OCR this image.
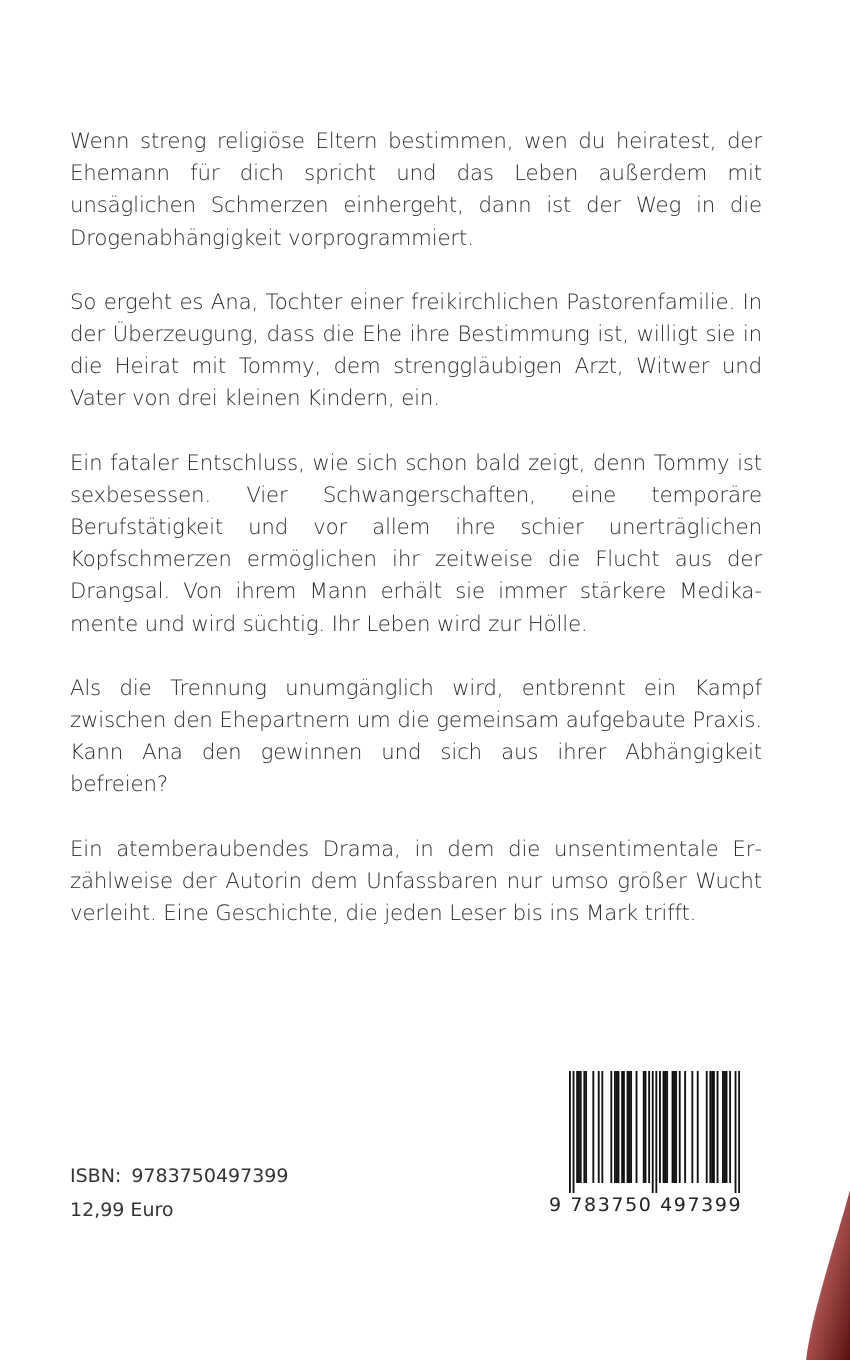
Wenn streng religiöse Eltern bestimmen, wen du heiratest, der Ehemann für dich spricht und das Leben außerdem mit unsäglichen Schmerzen einhergeht, dann ist der Weg in die Drogenabhängigkeit vorprogrammiert.

So ergeht es Ana, Tochter einer freikirchlichen Pastorenfamilie. In der Überzeugung, dass die Ehe ihre Bestimmung ist, willigt sie in die Heirat mit Tommy, dem strenggläubigen Arzt, Witwer und Vater von drei kleinen Kindern, ein.

Ein fataler Entschluss, wie sich schon bald zeigt, denn Tommy ist sexbesessen. Vier Schwangerschaften, eine temporäre Berufstätigkeit und vor allem ihre schier unerträglichen Kopfschmerzen ermöglichen ihr zeitweise die Flucht aus der Drangsal. Von ihrem Mann erhält sie immer stärkere Medikamente und wird süchtig. Ihr Leben wird zur Hölle.

Als die Trennung unumgänglich wird, entbrennt ein Kampf zwischen den Ehepartnern um die gemeinsam aufgebaute Praxis. Kann Ana den gewinnen und sich aus ihrer Abhängigkeit befreien?

Ein atemberaubendes Drama, in dem die unsentimentale Erzählweise der Autorin dem Unfassbaren nur umso größer Wucht verleiht. Eine Geschichte, die jeden Leser bis ins Mark trifft.

ISBN: 9783750497399
12,99 Euro	9 783750 497399
